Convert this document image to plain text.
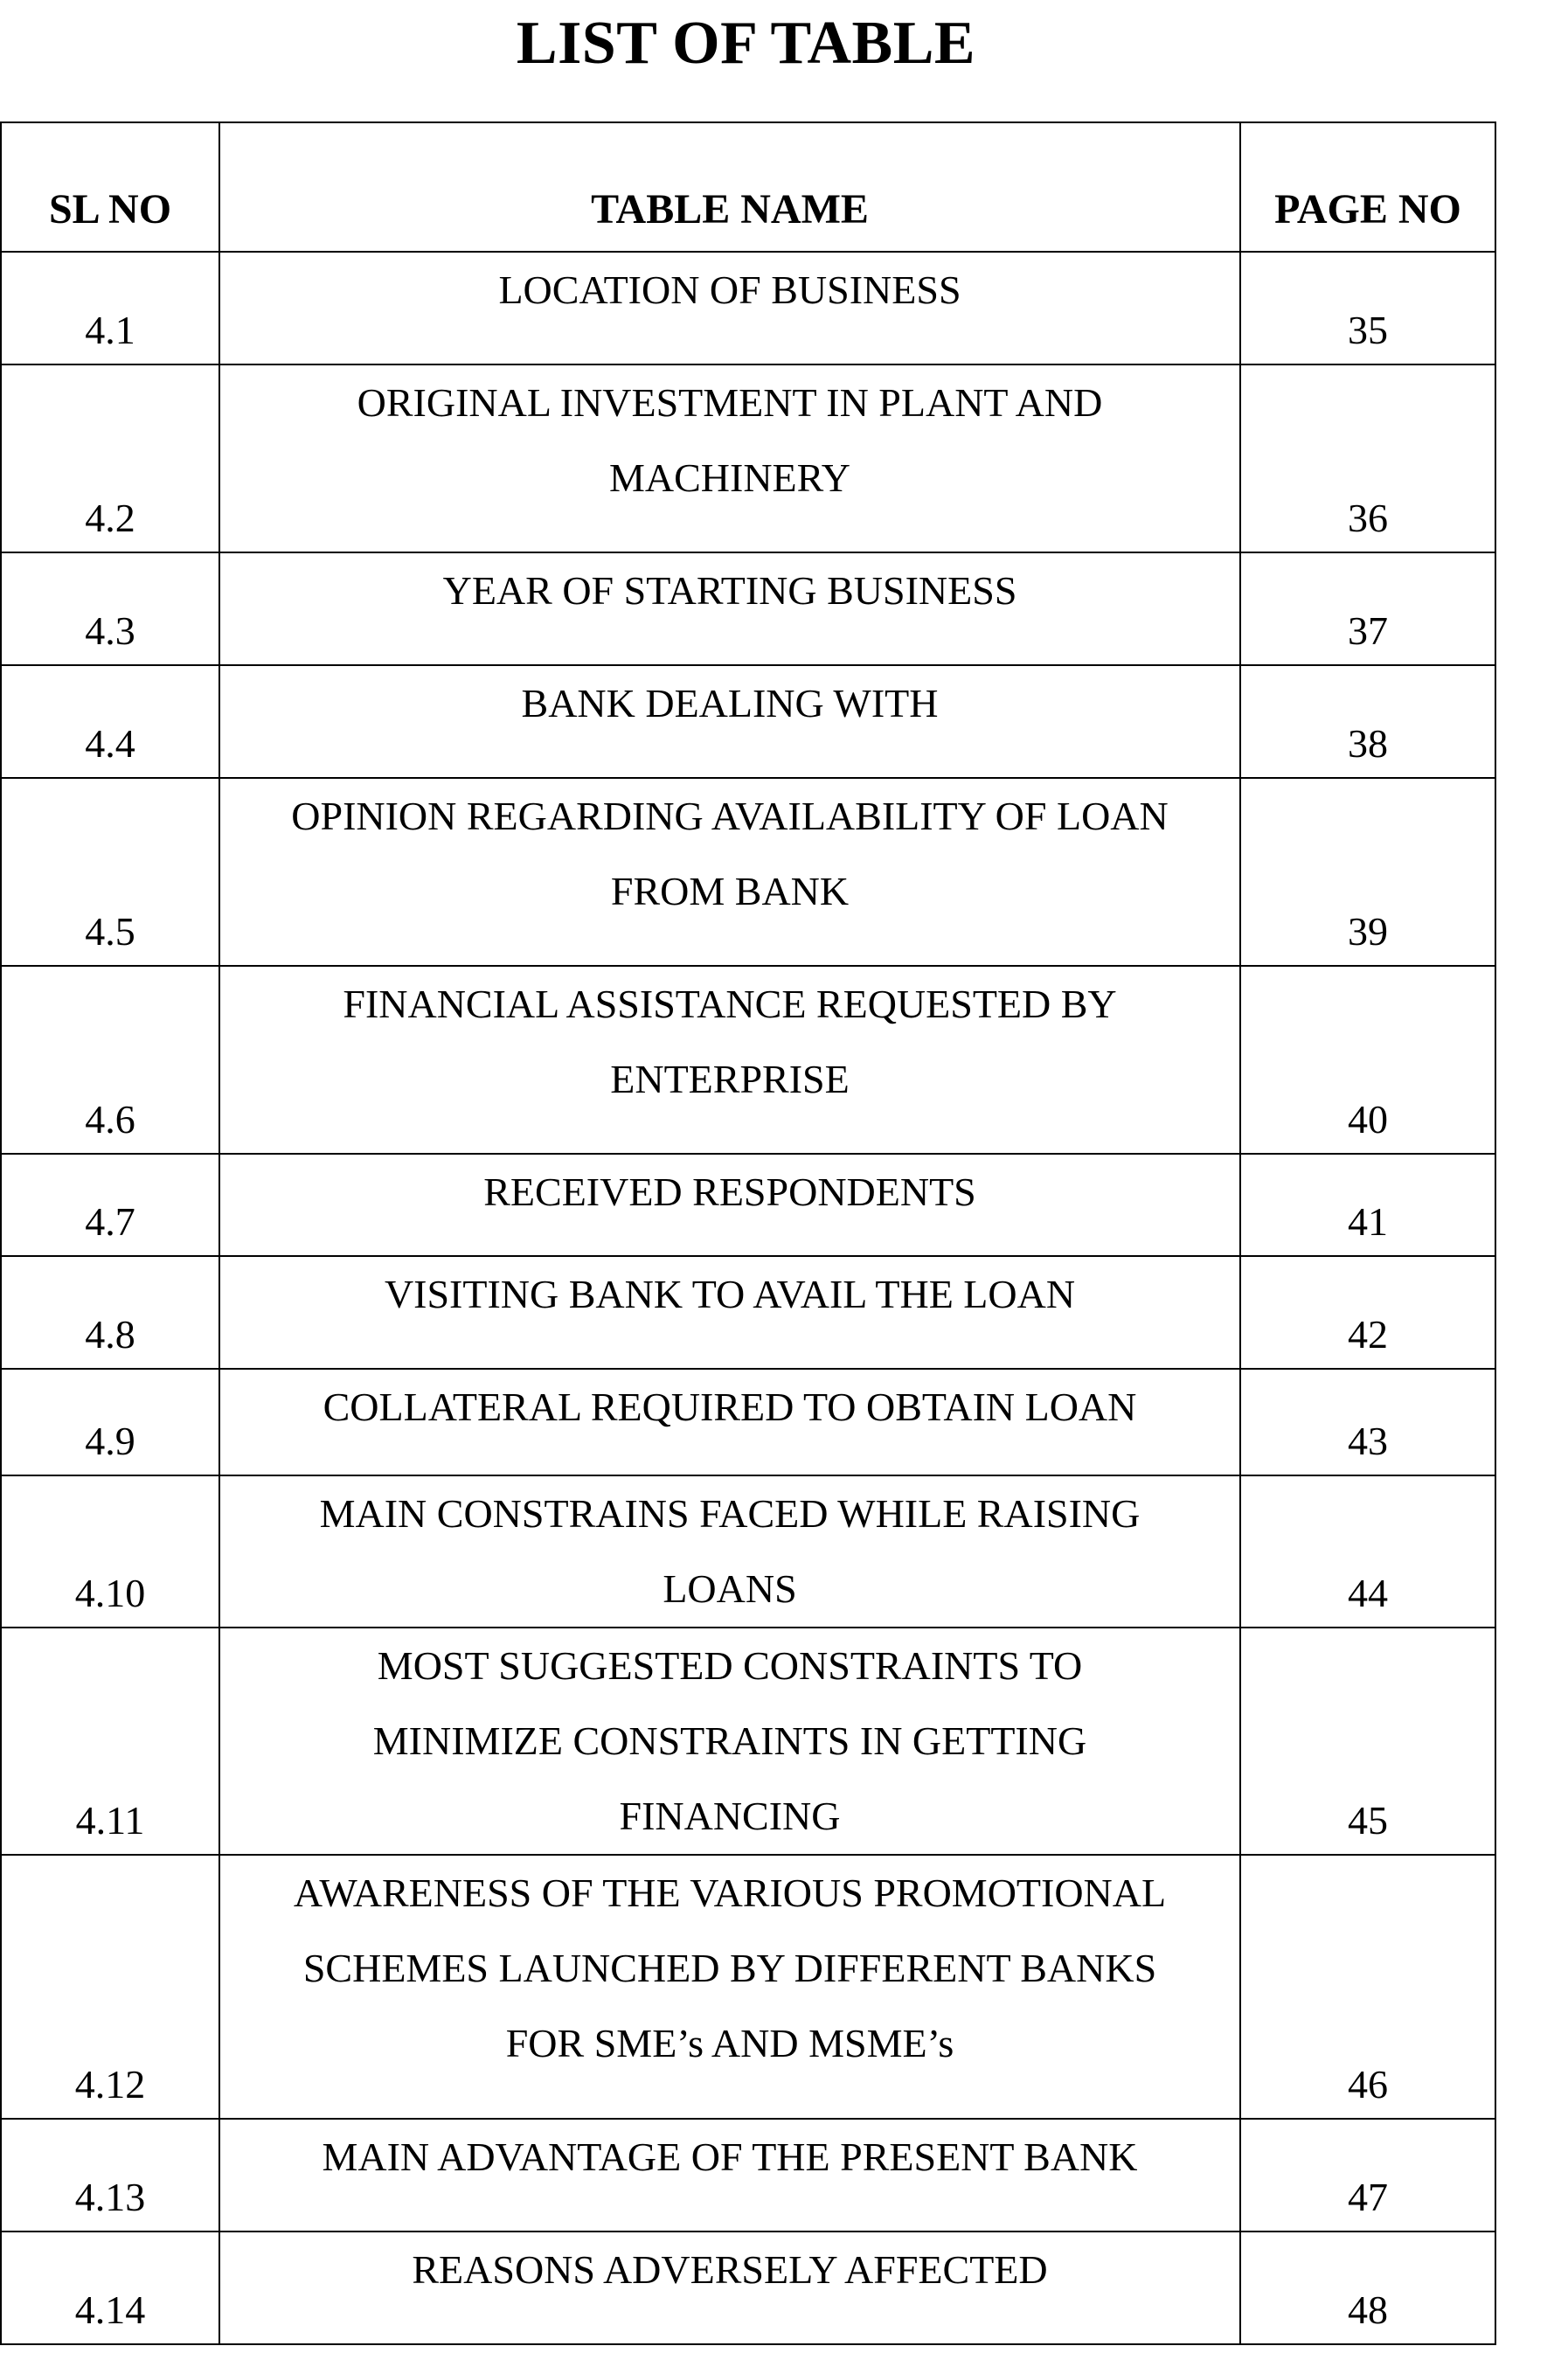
LIST OF TABLE
SL NO	TABLE NAME	PAGE NO
4.1	LOCATION OF BUSINESS	35
4.2	ORIGINAL INVESTMENT IN PLANT AND
MACHINERY	36
4.3	YEAR OF STARTING BUSINESS	37
4.4	BANK DEALING WITH	38
4.5	OPINION REGARDING AVAILABILITY OF LOAN
FROM BANK	39
4.6	FINANCIAL ASSISTANCE REQUESTED BY
ENTERPRISE	40
4.7	RECEIVED RESPONDENTS	41
4.8	VISITING BANK TO AVAIL THE LOAN	42
4.9	COLLATERAL REQUIRED TO OBTAIN LOAN	43
4.10	MAIN CONSTRAINS FACED WHILE RAISING
LOANS	44
4.11	MOST SUGGESTED CONSTRAINTS TO
MINIMIZE CONSTRAINTS IN GETTING
FINANCING	45
4.12	AWARENESS OF THE VARIOUS PROMOTIONAL
SCHEMES LAUNCHED BY DIFFERENT BANKS
FOR SME’s AND MSME’s	46
4.13	MAIN ADVANTAGE OF THE PRESENT BANK	47
4.14	REASONS ADVERSELY AFFECTED	48
